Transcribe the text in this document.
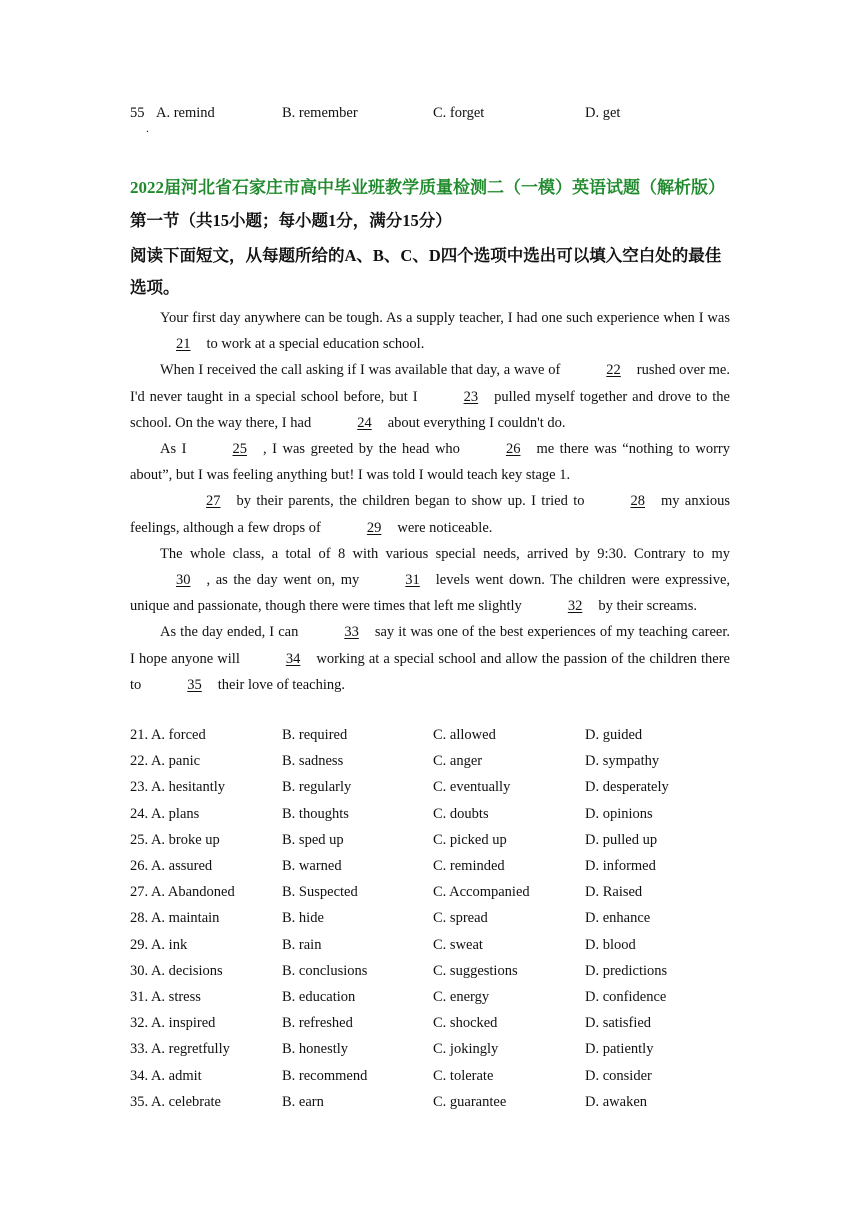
55 A. remind	B. remember	C. forget	D. get
.
2022届河北省石家庄市高中毕业班教学质量检测二（一模）英语试题（解析版）
第一节（共15小题；每小题1分，满分15分）
阅读下面短文，从每题所给的A、B、C、D四个选项中选出可以填入空白处的最佳选项。

Your first day anywhere can be tough. As a supply teacher, I had one such experience when I was21 to work at a special education school.

When I received the call asking if I was available that day, a wave of	22 rushed over me. I'd never taught in a special school before, but I	23 pulled myself together and drove to the school. On the way there, I had	24 about everything I couldn't do.

As I	25 , I was greeted by the head who	26 me there was “nothing to worry about”, but I was feeling anything but! I was told I would teach key stage 1.

27 by their parents, the children began to show up. I tried to	28 my anxious feelings, although a few drops of	29 were noticeable.

The whole class, a total of 8 with various special needs, arrived by 9:30. Contrary to my30 , as the day went on, my	31 levels went down. The children were expressive, unique and passionate, though there were times that left me slightly	32 by their screams.

As the day ended, I can	33 say it was one of the best experiences of my teaching career. I hope anyone will	34 working at a special school and allow the passion of the children there to	35 their love of teaching.

21. A. forced	B. required	C. allowed	D. guided
22. A. panic	B. sadness	C. anger	D. sympathy
23. A. hesitantly	B. regularly	C. eventually	D. desperately
24. A. plans	B. thoughts	C. doubts	D. opinions
25. A. broke up	B. sped up	C. picked up	D. pulled up
26. A. assured	B. warned	C. reminded	D. informed
27. A. Abandoned	B. Suspected	C. Accompanied	D. Raised
28. A. maintain	B. hide	C. spread	D. enhance
29. A. ink	B. rain	C. sweat	D. blood
30. A. decisions	B. conclusions	C. suggestions	D. predictions
31. A. stress	B. education	C. energy	D. confidence
32. A. inspired	B. refreshed	C. shocked	D. satisfied
33. A. regretfully	B. honestly	C. jokingly	D. patiently
34. A. admit	B. recommend	C. tolerate	D. consider
35. A. celebrate	B. earn	C. guarantee	D. awaken
